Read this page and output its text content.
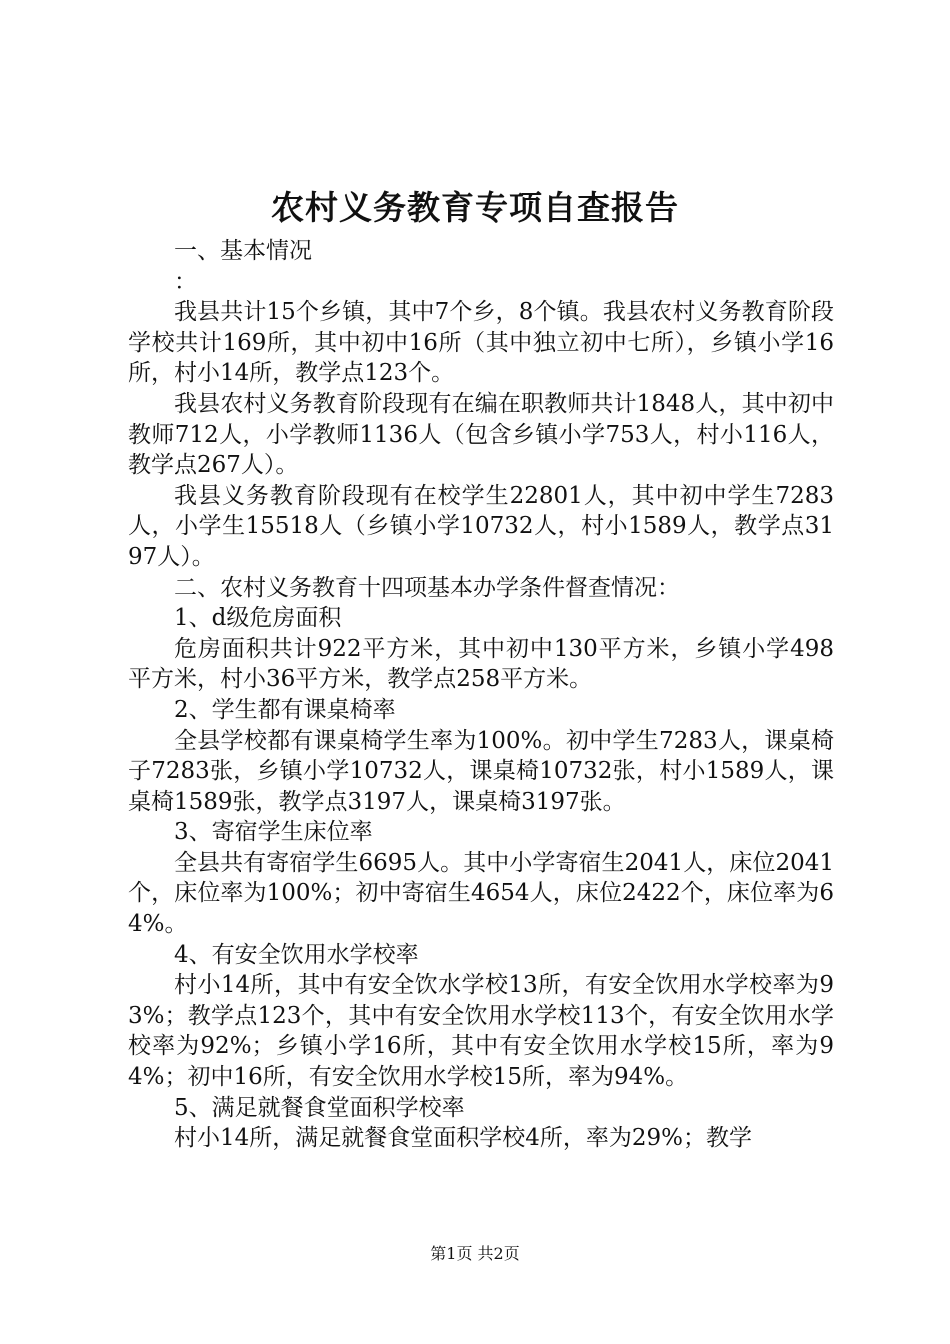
农村义务教育专项自查报告

一、基本情况

：

我县共计15个乡镇，其中7个乡，8个镇。我县农村义务教育阶段学校共计169所，其中初中16所（其中独立初中七所），乡镇小学16所，村小14所，教学点123个。

我县农村义务教育阶段现有在编在职教师共计1848人，其中初中教师712人，小学教师1136人（包含乡镇小学753人，村小116人，教学点267人）。

我县义务教育阶段现有在校学生22801人，其中初中学生7283人，小学生15518人（乡镇小学10732人，村小1589人，教学点3197人）。

二、农村义务教育十四项基本办学条件督查情况：

1、d级危房面积

危房面积共计922平方米，其中初中130平方米，乡镇小学498平方米，村小36平方米，教学点258平方米。

2、学生都有课桌椅率

全县学校都有课桌椅学生率为100%。初中学生7283人，课桌椅子7283张，乡镇小学10732人，课桌椅10732张，村小1589人，课桌椅1589张，教学点3197人，课桌椅3197张。

3、寄宿学生床位率

全县共有寄宿学生6695人。其中小学寄宿生2041人，床位2041个，床位率为100%；初中寄宿生4654人，床位2422个，床位率为64%。

4、有安全饮用水学校率

村小14所，其中有安全饮水学校13所，有安全饮用水学校率为93%；教学点123个，其中有安全饮用水学校113个，有安全饮用水学校率为92%；乡镇小学16所，其中有安全饮用水学校15所，率为94%；初中16所，有安全饮用水学校15所，率为94%。

5、满足就餐食堂面积学校率

村小14所，满足就餐食堂面积学校4所，率为29%；教学

第1页 共2页
